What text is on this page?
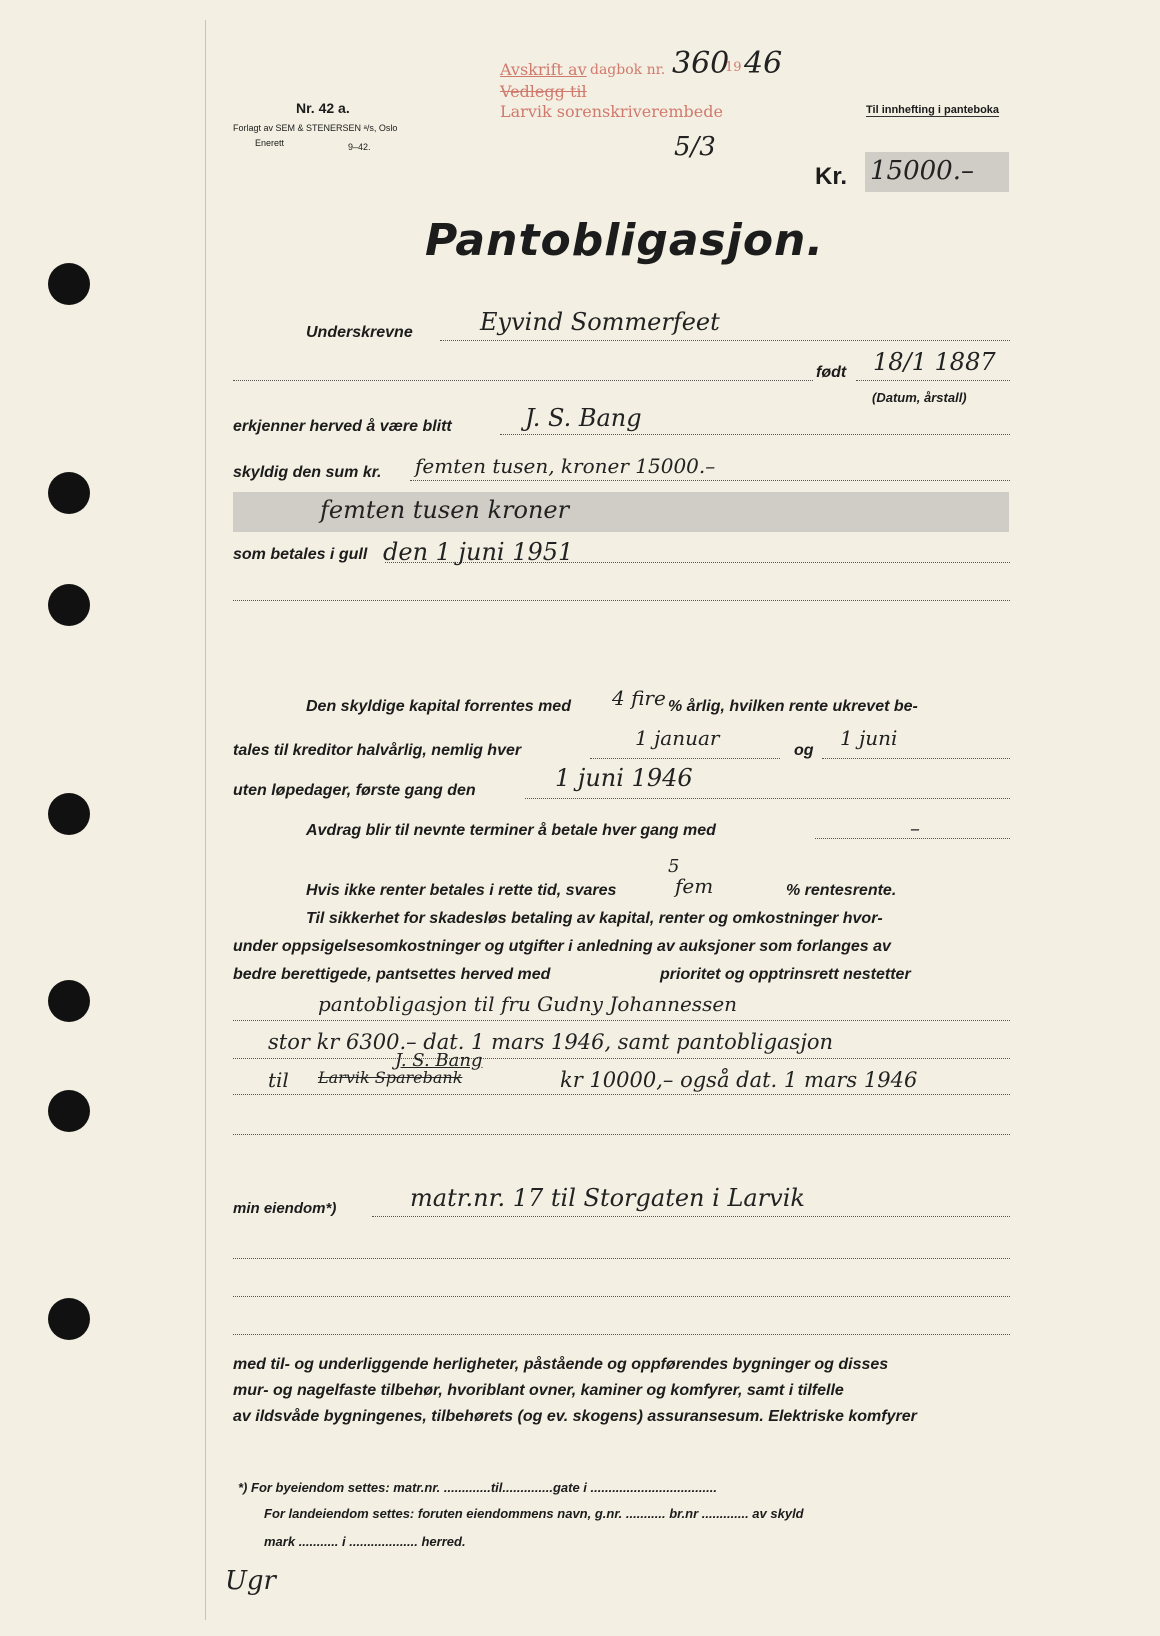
Nr. 42 a.
Forlagt av SEM & STENERSEN ᵃ/s, Oslo
Enerett	9–42.
Avskrift av dagbok nr. 360
19 46
Vedlegg til
Larvik sorenskriverembede
5/3
Til innhefting i panteboka
Kr. 15000.–
Pantobligasjon.
Underskrevne	Eyvind Sommerfeet
født 18/1 1887
(Datum, årstall)
erkjenner herved å være blitt	J. S. Bang
skyldig den sum kr. femten tusen, kroner 15000.–
femten tusen kroner
som betales i gull den 1 juni 1951
Den skyldige kapital forrentes med 4 fire % årlig, hvilken rente ukrevet be-
tales til kreditor halvårlig, nemlig hver
1 januar
og
1 juni
uten løpedager, første gang den	1 juni 1946
Avdrag blir til nevnte terminer å betale hver gang med	–
Hvis ikke renter betales i rette tid, svares
5
fem	% rentesrente.
Til sikkerhet for skadesløs betaling av kapital, renter og omkostninger hvor-
under oppsigelsesomkostninger og utgifter i anledning av auksjoner som forlanges av
bedre berettigede, pantsettes herved med	prioritet og opptrinsrett nestetter
pantobligasjon til fru Gudny Johannessen
stor kr 6300.– dat. 1 mars 1946, samt pantobligasjon
til Larvik Sparebank
J. S. Bang
kr 10000,– også dat. 1 mars 1946
min eiendom*)	matr.nr. 17 til Storgaten i Larvik
med til- og underliggende herligheter, påstående og oppførendes bygninger og disses
mur- og nagelfaste tilbehør, hvoriblant ovner, kaminer og komfyrer, samt i tilfelle
av ildsvåde bygningenes, tilbehørets (og ev. skogens) assuransesum. Elektriske komfyrer
*) For byeiendom settes: matr.nr. .............til..............gate i ...................................
For landeiendom settes: foruten eiendommens navn, g.nr. ........... br.nr ............. av skyld
mark ........... i ................... herred.
Ugr
